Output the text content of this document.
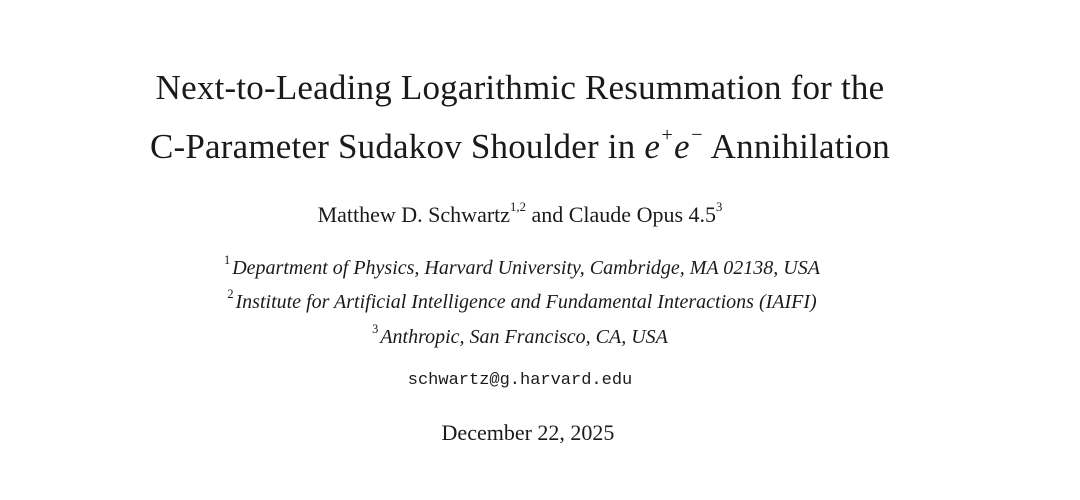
Next-to-Leading Logarithmic Resummation for the
C-Parameter Sudakov Shoulder in e+e− Annihilation
Matthew D. Schwartz$^{1,2}$ and Claude Opus $4.5^3$
$^1$ Department of Physics, Harvard University, Cambridge, MA 02138, USA
$^2$ Institute for Artificial Intelligence and Fundamental Interactions (IAIFI)
$^3$ Anthropic, San Francisco, CA, USA
schwartz@g.harvard.edu
December 22, 2025
